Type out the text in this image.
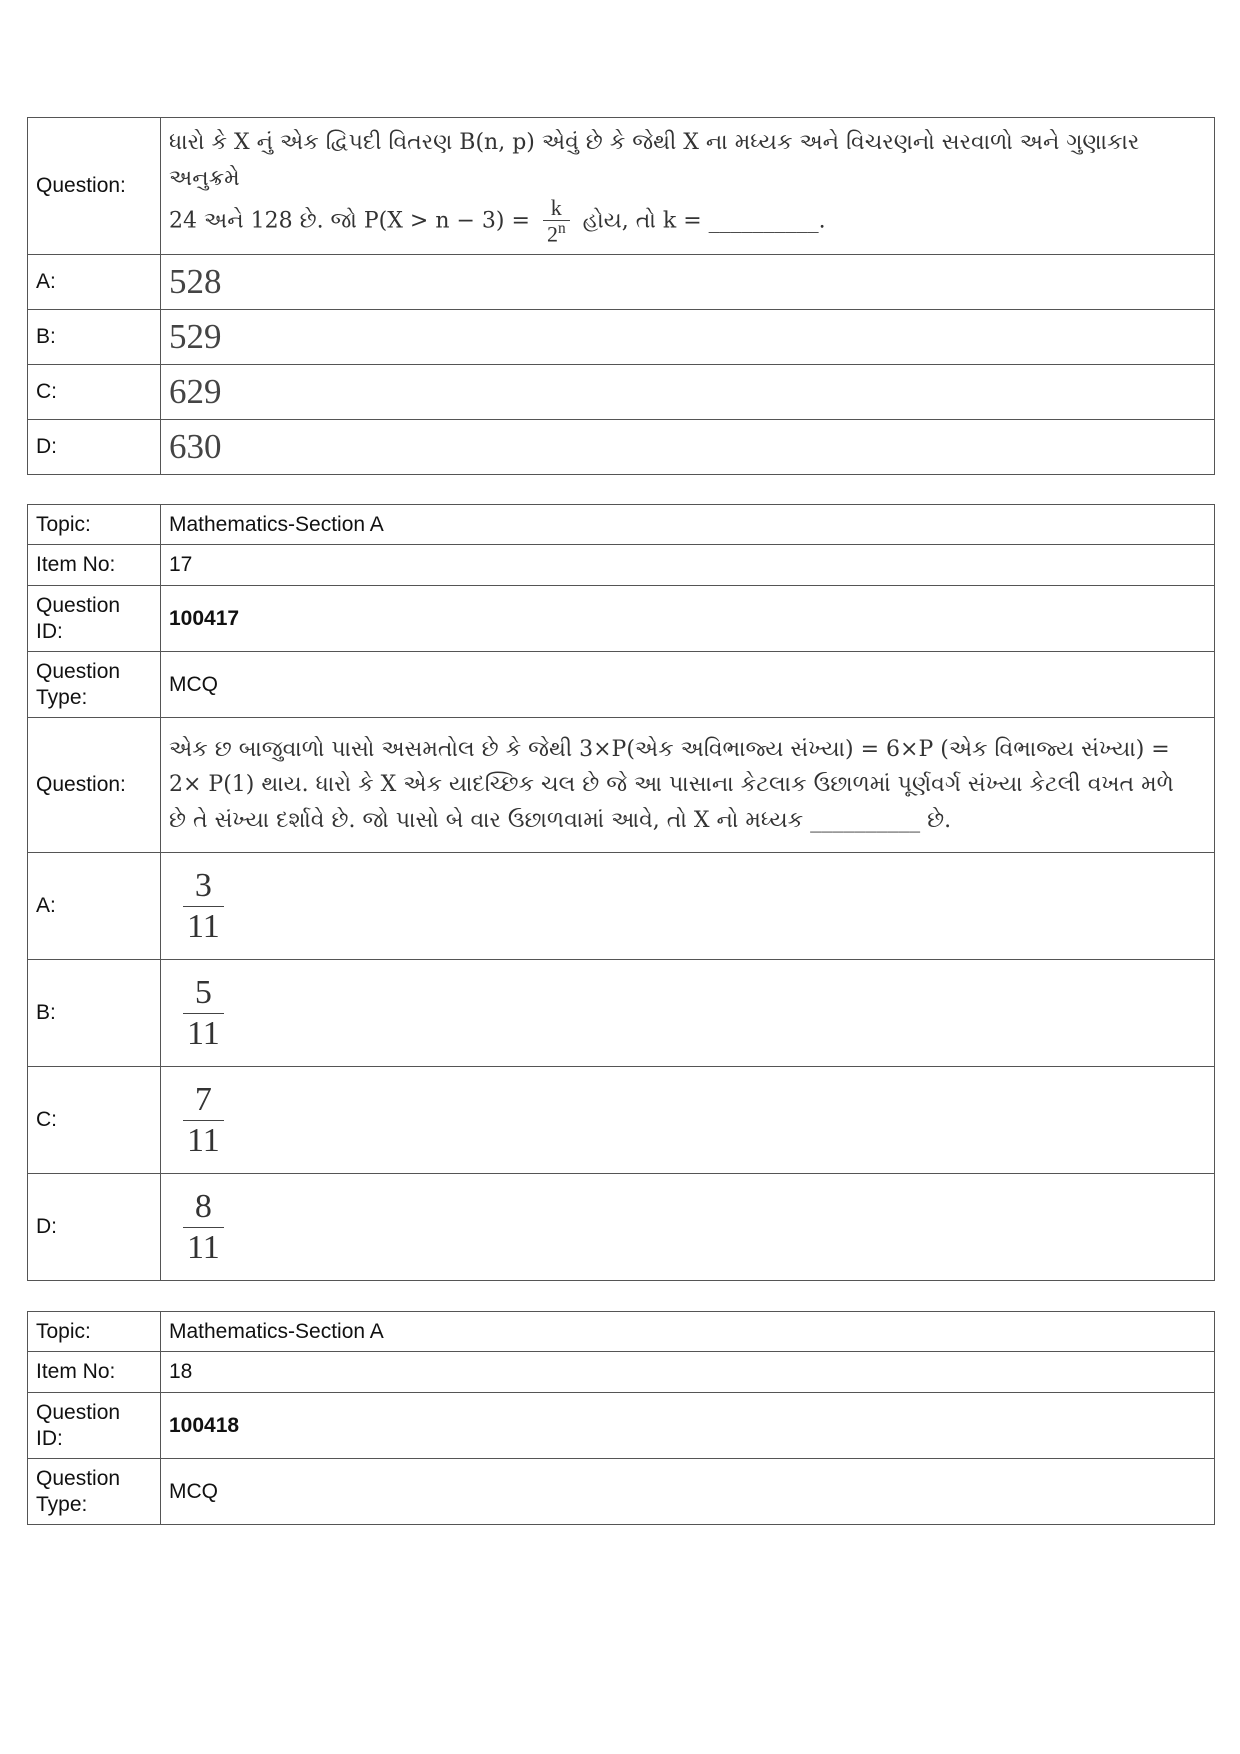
Question:	ધારો કે X નું એક દ્વિપદી વિતરણ B(n, p) એવું છે કે જેથી X ના મધ્યક અને વિચરણનો સરવાળો અને ગુણાકાર અનુક્રમે
24 અને 128 છે. જો $P(X > n - 3) = \frac{k}{2^n}$ હોય, તો k = __________.

A:	528
B:	529
C:	629
D:	630
Topic:	Mathematics-Section A
Item No:	17
Question ID:	100417
Question Type:	MCQ
Question:	એક છ બાજુવાળો પાસો અસમતોલ છે કે જેથી 3×P(એક અવિભાજ્ય સંખ્યા) = 6×P (એક વિભાજ્ય સંખ્યા) =
2× P(1) થાય. ધારો કે X એક યાદચ્છિક ચલ છે જે આ પાસાના કેટલાક ઉછાળમાં પૂર્ણવર્ગ સંખ્યા કેટલી વખત મળે
છે તે સંખ્યા દર્શાવે છે. જો પાસો બે વાર ઉછાળવામાં આવે, તો X નો મધ્યક __________ છે.

A:	$\frac{3}{11}$

B:	$\frac{5}{11}$

C:	$\frac{7}{11}$

D:	$\frac{8}{11}$
Topic:	Mathematics-Section A
Item No:	18
Question ID:	100418
Question Type:	MCQ
